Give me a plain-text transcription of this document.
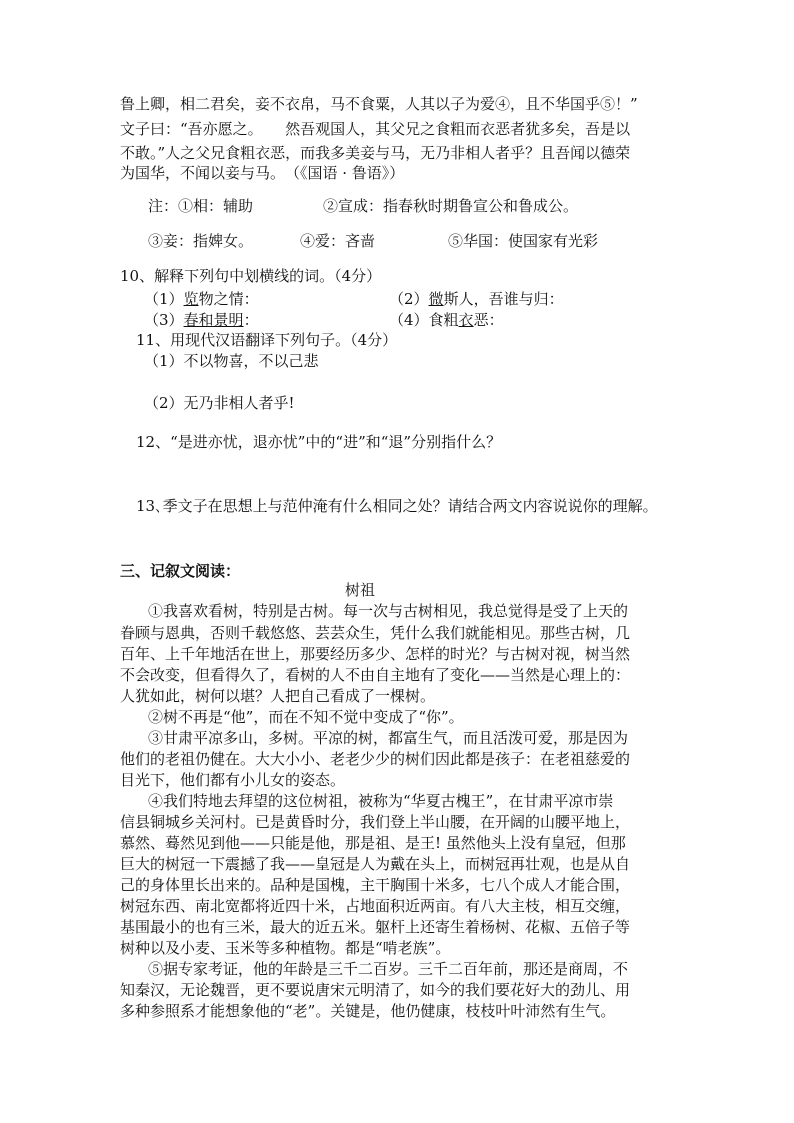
鲁上卿，相二君矣，妾不衣帛，马不食粟，人其以子为爱④，且不华国乎⑤！”
文子曰：“吾亦愿之。　　然吾观国人，其父兄之食粗而衣恶者犹多矣，吾是以
不敢。”人之父兄食粗衣恶，而我多美妾与马，无乃非相人者乎？且吾闻以德荣
为国华，不闻以妾与马。　（《国语 · 鲁语》）
注：①相：辅助	②宣成：指春秋时期鲁宣公和鲁成公。
③妾：指婢女。	④爱：吝啬	⑤华国：使国家有光彩
10、解释下列句中划横线的词。（4分）
（1）览物之情：	（2）微斯人，吾谁与归：
（3）春和景明：	（4）食粗衣恶：
11、用现代汉语翻译下列句子。（4分）
（1）不以物喜，不以己悲
（2）无乃非相人者乎!
12、“是进亦忧，退亦忧”中的“进”和“退”分别指什么？
13､季文子在思想上与范仲淹有什么相同之处？请结合两文内容说说你的理解。
三、记叙文阅读：
树祖
①我喜欢看树，特别是古树。每一次与古树相见，我总觉得是受了上天的
眷顾与恩典，否则千载悠悠、芸芸众生，凭什么我们就能相见。那些古树，几
百年、上千年地活在世上，那要经历多少、怎样的时光？与古树对视，树当然
不会改变，但看得久了，看树的人不由自主地有了变化——当然是心理上的：
人犹如此，树何以堪？人把自己看成了一棵树。
②树不再是“他”，而在不知不觉中变成了“你”。
③甘肃平凉多山，多树。平凉的树，都富生气，而且活泼可爱，那是因为
他们的老祖仍健在。大大小小、老老少少的树们因此都是孩子：在老祖慈爱的
目光下，他们都有小儿女的姿态。
④我们特地去拜望的这位树祖，被称为“华夏古槐王”，在甘肃平凉市崇
信县铜城乡关河村。已是黄昏时分，我们登上半山腰，在开阔的山腰平地上，
慕然、蓦然见到他——只能是他，那是祖、是王! 虽然他头上没有皇冠，但那
巨大的树冠一下震撼了我——皇冠是人为戴在头上，而树冠再壮观，也是从自
己的身体里长出来的。品种是国槐，主干胸围十米多，七八个成人才能合围，
树冠东西、南北宽都将近四十米，占地面积近两亩。有八大主枝，相互交缠，
基围最小的也有三米，最大的近五米。躯杆上还寄生着杨树、花椒、五倍子等
树种以及小麦、玉米等多种植物。都是“啃老族”。
⑤据专家考证，他的年龄是三千二百岁。三千二百年前，那还是商周，不
知秦汉，无论魏晋，更不要说唐宋元明清了，如今的我们要花好大的劲儿、用
多种参照系才能想象他的“老”。关键是，他仍健康，枝枝叶叶沛然有生气。
